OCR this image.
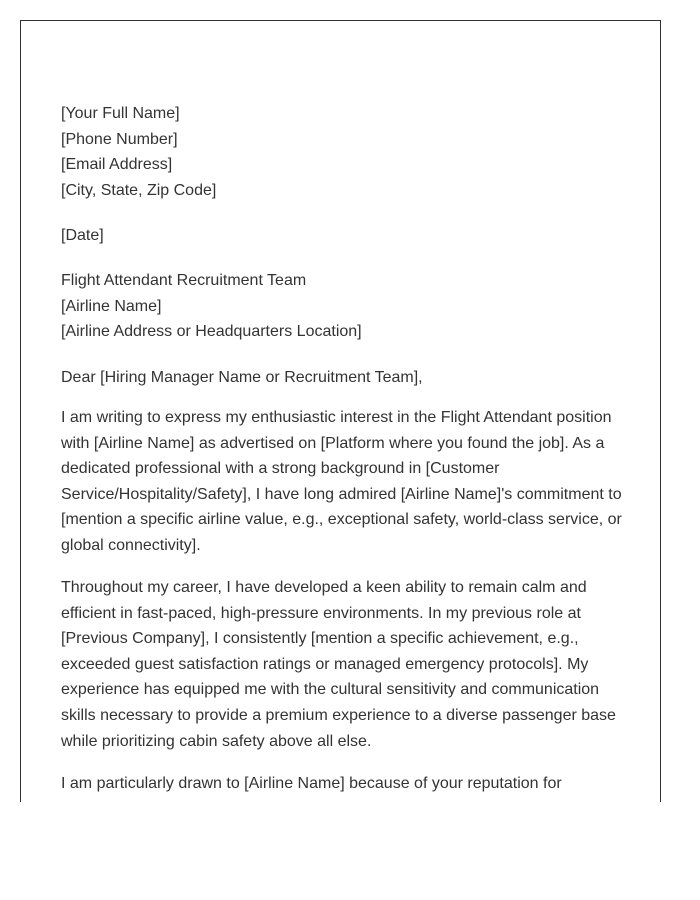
[Your Full Name]
[Phone Number]
[Email Address]
[City, State, Zip Code]
[Date]
Flight Attendant Recruitment Team
[Airline Name]
[Airline Address or Headquarters Location]
Dear [Hiring Manager Name or Recruitment Team],

I am writing to express my enthusiastic interest in the Flight Attendant position with [Airline Name] as advertised on [Platform where you found the job]. As a dedicated professional with a strong background in [Customer Service/Hospitality/Safety], I have long admired [Airline Name]'s commitment to [mention a specific airline value, e.g., exceptional safety, world-class service, or global connectivity].

Throughout my career, I have developed a keen ability to remain calm and efficient in fast-paced, high-pressure environments. In my previous role at [Previous Company], I consistently [mention a specific achievement, e.g., exceeded guest satisfaction ratings or managed emergency protocols]. My experience has equipped me with the cultural sensitivity and communication skills necessary to provide a premium experience to a diverse passenger base while prioritizing cabin safety above all else.

I am particularly drawn to [Airline Name] because of your reputation for
